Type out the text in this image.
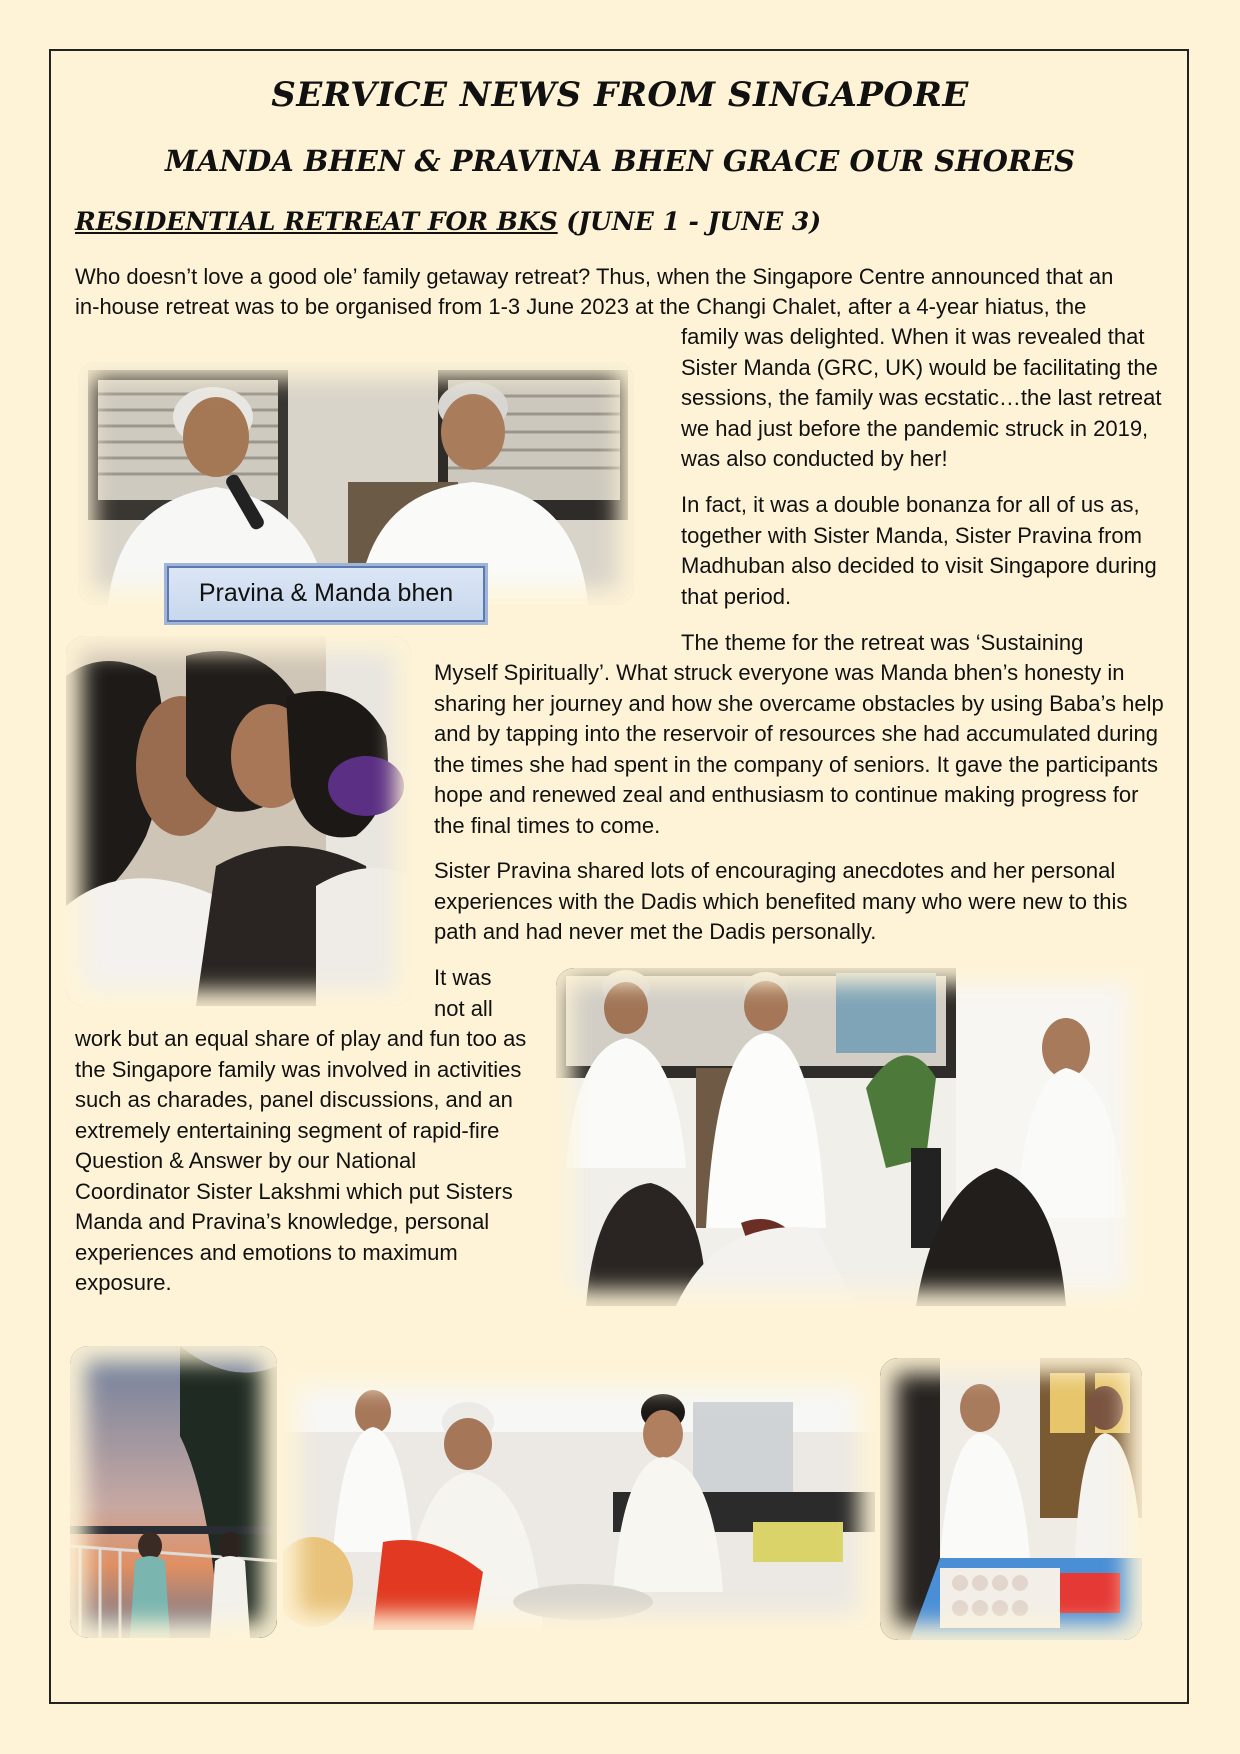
SERVICE NEWS FROM SINGAPORE
MANDA BHEN & PRAVINA BHEN GRACE OUR SHORES
RESIDENTIAL RETREAT FOR BKS (JUNE 1 - JUNE 3)

Who doesn’t love a good ole’ family getaway retreat? Thus, when the Singapore Centre announced that an

in-house retreat was to be organised from 1-3 June 2023 at the Changi Chalet, after a 4-year hiatus, the

Pravina & Manda bhen

family was delighted. When it was revealed that Sister Manda (GRC, UK) would be facilitating the sessions, the family was ecstatic…the last retreat we had just before the pandemic struck in 2019, was also conducted by her!

In fact, it was a double bonanza for all of us as, together with Sister Manda, Sister Pravina from Madhuban also decided to visit Singapore during that period.

The theme for the retreat was ‘Sustaining

Myself Spiritually’. What struck everyone was Manda bhen’s honesty in sharing her journey and how she overcame obstacles by using Baba’s help and by tapping into the reservoir of resources she had accumulated during the times she had spent in the company of seniors. It gave the participants hope and renewed zeal and enthusiasm to continue making progress for the final times to come.

Sister Pravina shared lots of encouraging anecdotes and her personal experiences with the Dadis which benefited many who were new to this path and had never met the Dadis personally.

It was not all

work but an equal share of play and fun too as the Singapore family was involved in activities such as charades, panel discussions, and an extremely entertaining segment of rapid-fire Question & Answer by our National Coordinator Sister Lakshmi which put Sisters Manda and Pravina’s knowledge, personal experiences and emotions to maximum exposure.
